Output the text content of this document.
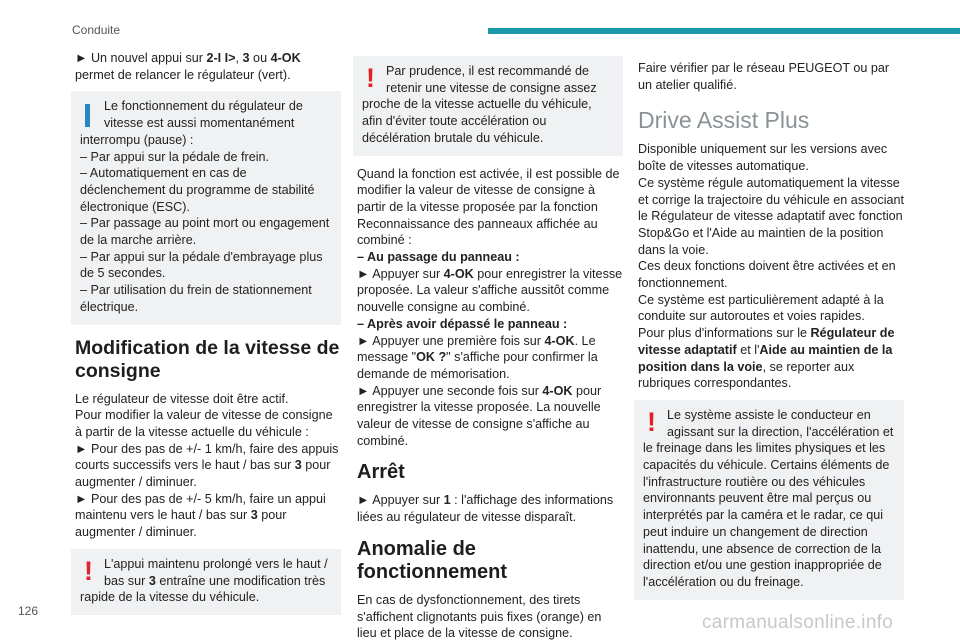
Conduite

► Un nouvel appui sur 2-I I>, 3 ou 4-OK permet de relancer le régulateur (vert).

Le fonctionnement du régulateur de vitesse est aussi momentanément

interrompu (pause) :

– Par appui sur la pédale de frein.

– Automatiquement en cas de déclenchement du programme de stabilité électronique (ESC).

– Par passage au point mort ou engagement de la marche arrière.

– Par appui sur la pédale d'embrayage plus de 5 secondes.

– Par utilisation du frein de stationnement électrique.

Modification de la vitesse de consigne

Le régulateur de vitesse doit être actif.

Pour modifier la valeur de vitesse de consigne à partir de la vitesse actuelle du véhicule :

► Pour des pas de +/- 1 km/h, faire des appuis courts successifs vers le haut / bas sur 3 pour augmenter / diminuer.

► Pour des pas de +/- 5 km/h, faire un appui maintenu vers le haut / bas sur 3 pour augmenter / diminuer.

! L'appui maintenu prolongé vers le haut / bas sur 3 entraîne une modification très

rapide de la vitesse du véhicule.

! Par prudence, il est recommandé de retenir une vitesse de consigne assez

proche de la vitesse actuelle du véhicule, afin d'éviter toute accélération ou décélération brutale du véhicule.

Quand la fonction est activée, il est possible de modifier la valeur de vitesse de consigne à partir de la vitesse proposée par la fonction Reconnaissance des panneaux affichée au combiné :

– Au passage du panneau :

► Appuyer sur 4-OK pour enregistrer la vitesse proposée. La valeur s'affiche aussitôt comme nouvelle consigne au combiné.

– Après avoir dépassé le panneau :

► Appuyer une première fois sur 4-OK. Le message "OK ?" s'affiche pour confirmer la demande de mémorisation.

► Appuyer une seconde fois sur 4-OK pour enregistrer la vitesse proposée. La nouvelle valeur de vitesse de consigne s'affiche au combiné.

Arrêt

► Appuyer sur 1 : l'affichage des informations liées au régulateur de vitesse disparaît.

Anomalie de fonctionnement

En cas de dysfonctionnement, des tirets s'affichent clignotants puis fixes (orange) en lieu et place de la vitesse de consigne.

Faire vérifier par le réseau PEUGEOT ou par un atelier qualifié.

Drive Assist Plus

Disponible uniquement sur les versions avec boîte de vitesses automatique.

Ce système régule automatiquement la vitesse et corrige la trajectoire du véhicule en associant le Régulateur de vitesse adaptatif avec fonction Stop&Go et l'Aide au maintien de la position dans la voie.

Ces deux fonctions doivent être activées et en fonctionnement.

Ce système est particulièrement adapté à la conduite sur autoroutes et voies rapides.

Pour plus d'informations sur le Régulateur de vitesse adaptatif et l'Aide au maintien de la position dans la voie, se reporter aux rubriques correspondantes.

! Le système assiste le conducteur en agissant sur la direction, l'accélération et

le freinage dans les limites physiques et les capacités du véhicule. Certains éléments de l'infrastructure routière ou des véhicules environnants peuvent être mal perçus ou interprétés par la caméra et le radar, ce qui peut induire un changement de direction inattendu, une absence de correction de la direction et/ou une gestion inappropriée de l'accélération ou du freinage.

126
carmanualsonline.info
